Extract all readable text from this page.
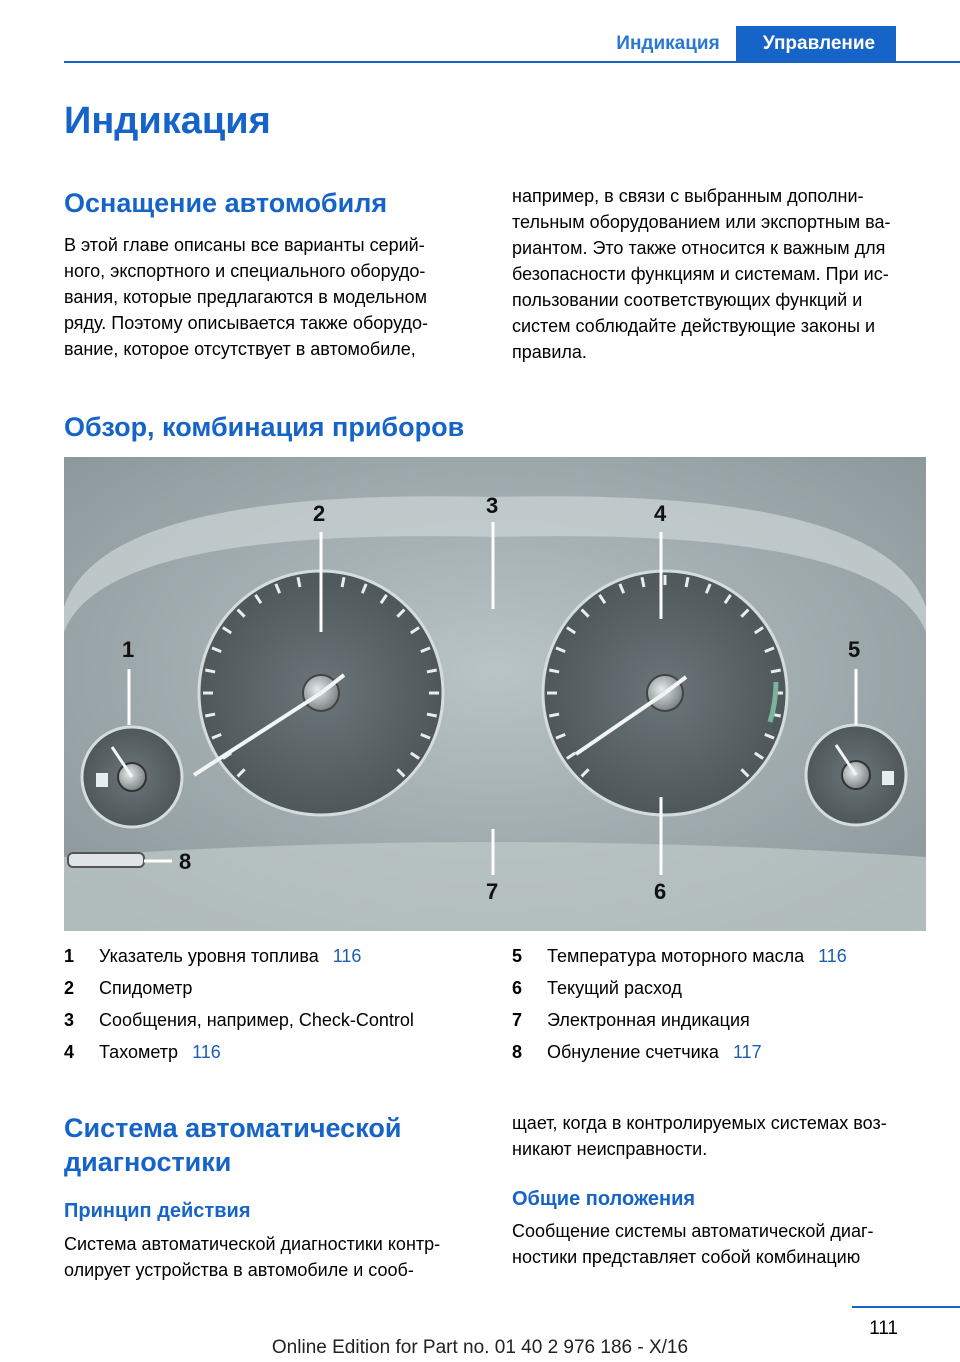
Индикация	Управление
Индикация
Оснащение автомобиля

В этой главе описаны все варианты серий-
ного, экспортного и специального оборудо-
вания, которые предлагаются в модельном
ряду. Поэтому описывается также оборудо-
вание, которое отсутствует в автомобиле,

например, в связи с выбранным дополни-
тельным оборудованием или экспортным ва-
риантом. Это также относится к важным для
безопасности функциям и системам. При ис-
пользовании соответствующих функций и
систем соблюдайте действующие законы и
правила.

Обзор, комбинация приборов
1
2	3	4
5
6
7
8
1 Указатель уровня топлива 116
2 Спидометр
3 Сообщения, например, Check-Control
4 Тахометр 116
5 Температура моторного масла 116
6 Текущий расход
7 Электронная индикация
8 Обнуление счетчика 117
Система автоматической
диагностики
Принцип действия

Система автоматической диагностики контр-
олирует устройства в автомобиле и сооб-

щает, когда в контролируемых системах воз-
никают неисправности.

Общие положения

Сообщение системы автоматической диаг-
ностики представляет собой комбинацию

111
Online Edition for Part no. 01 40 2 976 186 - X/16
